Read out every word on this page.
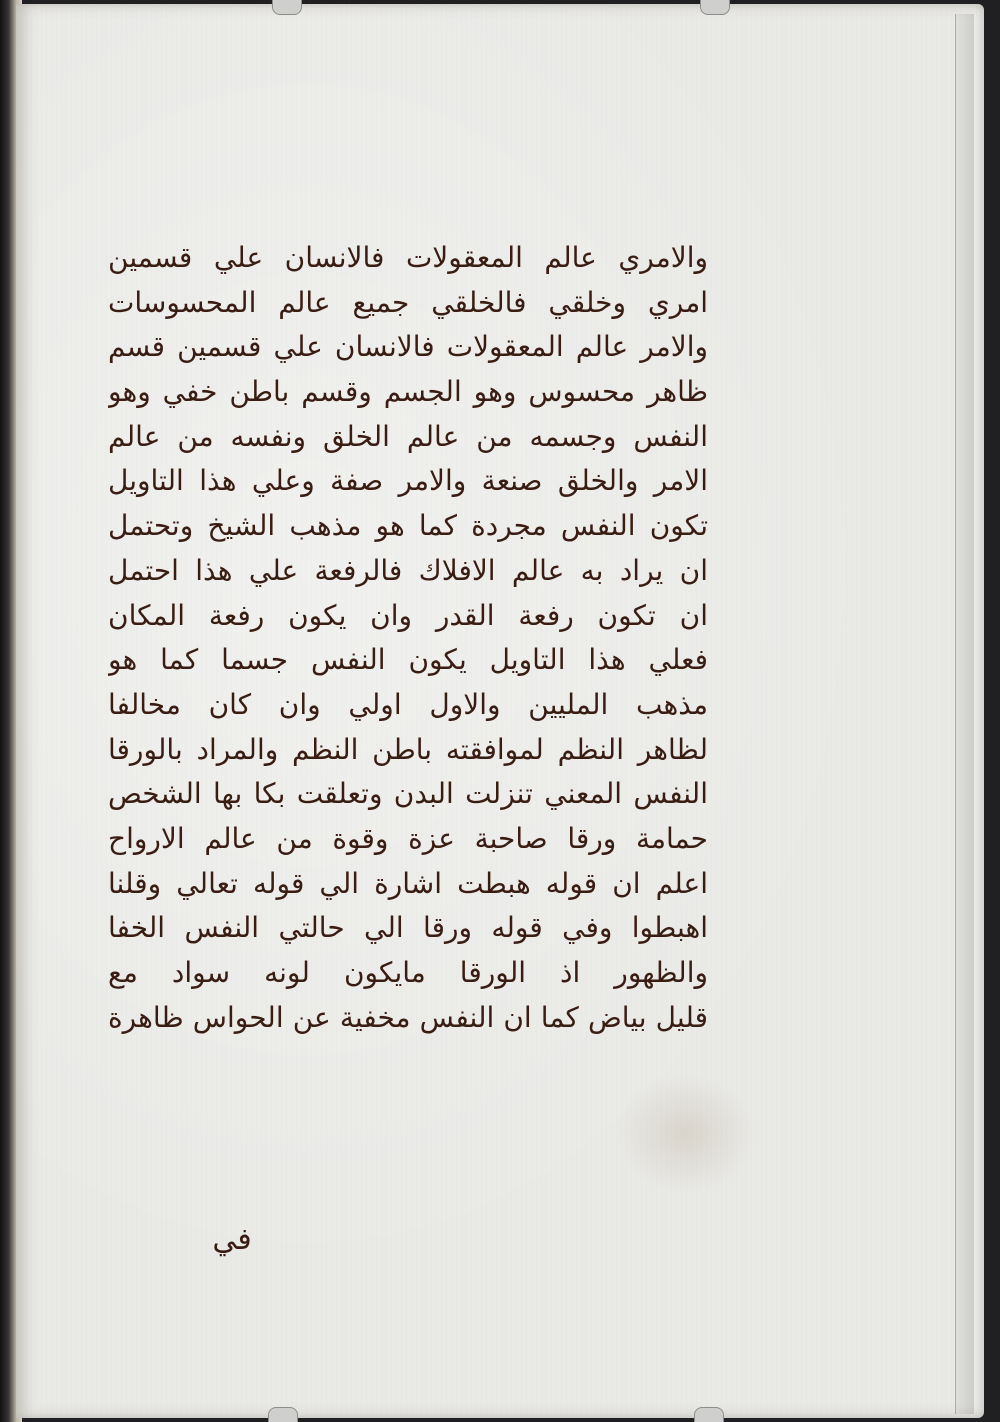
والامري عالم المعقولات فالانسان علي قسمين
امري وخلقي فالخلقي جميع عالم المحسوسات
والامر عالم المعقولات فالانسان علي قسمين قسم
ظاهر محسوس وهو الجسم وقسم باطن خفي وهو
النفس وجسمه من عالم الخلق ونفسه من عالم
الامر والخلق صنعة والامر صفة وعلي هذا التاويل
تكون النفس مجردة كما هو مذهب الشيخ وتحتمل
ان يراد به عالم الافلاك فالرفعة علي هذا احتمل
ان تكون رفعة القدر وان يكون رفعة المكان
فعلي هذا التاويل يكون النفس جسما كما هو
مذهب المليين والاول اولي وان كان مخالفا
لظاهر النظم لموافقته باطن النظم والمراد بالورقا
النفس المعني تنزلت البدن وتعلقت بكا بها الشخص
حمامة ورقا صاحبة عزة وقوة من عالم الارواح
اعلم ان قوله هبطت اشارة الي قوله تعالي وقلنا
اهبطوا وفي قوله ورقا الي حالتي النفس الخفا
والظهور اذ الورقا مايكون لونه سواد مع
قليل بياض كما ان النفس مخفية عن الحواس ظاهرة
في
